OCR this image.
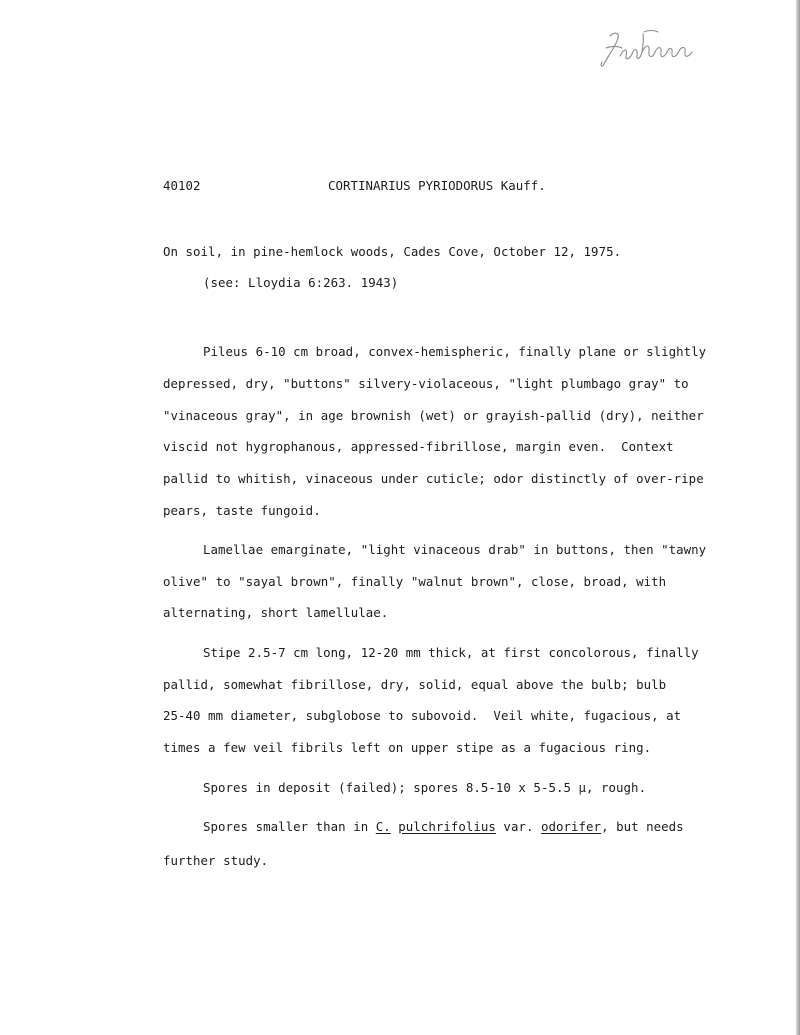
40102	CORTINARIUS PYRIODORUS Kauff.
On soil, in pine-hemlock woods, Cades Cove, October 12, 1975.
(see: Lloydia 6:263. 1943)
Pileus 6-10 cm broad, convex-hemispheric, finally plane or slightly
depressed, dry, "buttons" silvery-violaceous, "light plumbago gray" to
"vinaceous gray", in age brownish (wet) or grayish-pallid (dry), neither
viscid not hygrophanous, appressed-fibrillose, margin even.  Context
pallid to whitish, vinaceous under cuticle; odor distinctly of over-ripe
pears, taste fungoid.
Lamellae emarginate, "light vinaceous drab" in buttons, then "tawny
olive" to "sayal brown", finally "walnut brown", close, broad, with
alternating, short lamellulae.
Stipe 2.5-7 cm long, 12-20 mm thick, at first concolorous, finally
pallid, somewhat fibrillose, dry, solid, equal above the bulb; bulb
25-40 mm diameter, subglobose to subovoid.  Veil white, fugacious, at
times a few veil fibrils left on upper stipe as a fugacious ring.
Spores in deposit (failed); spores 8.5-10 x 5-5.5 µ, rough.
Spores smaller than in C. pulchrifolius var. odorifer, but needs
further study.
